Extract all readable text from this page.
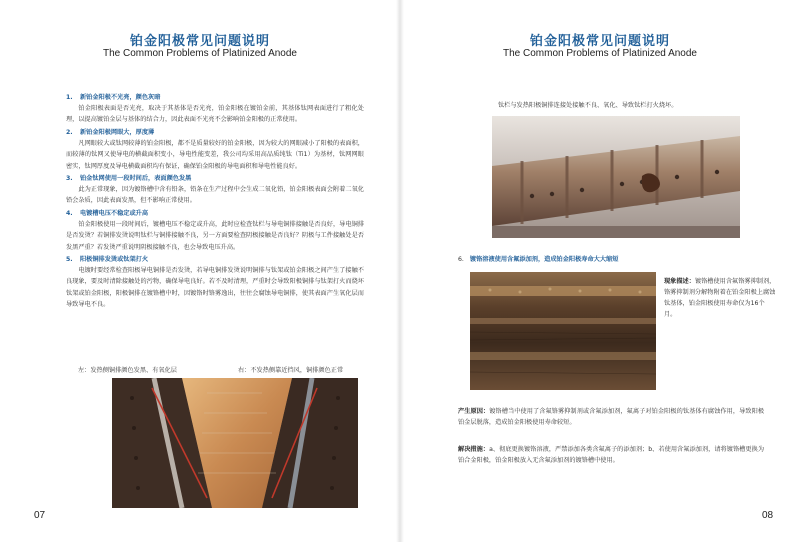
铂金阳极常见问题说明
The Common Problems of Platinized Anode
1. 新铂金阳极不光亮，颜色灰暗
铂金阳极表面是否光亮，取决于其基体是否光亮，铂金阳极在镀铂金前，其基体钛网表面进行了粗化处理，以提高镀铂金层与基体的结合力，因此表面不光亮不会影响铂金阳极的正常使用。
2. 新铂金阳极网眼大，厚度薄
凡网眼较大或钛网较薄的铂金阳极，都不是质量较好的铂金阳极，因为较大的网眼减小了阳极的表面积，而较薄的钛网又使导电的横截面积变小，导电性能变差，我公司均采用高品质纯钛（Ti1）为基材，钛网网眼密实，钛网厚度及导电横截面积均有保证，确保铂金阳极的导电面积和导电性能良好。
3. 铂金钛网使用一段时间后，表面颜色发黑
此为正常现象，因为镀铬槽中含有铅条，铅条在生产过程中会生成二氧化铅，铂金阳极表面会附着二氧化铅会杂质，因此表面发黑，但不影响正常使用。
4. 电镀槽电压不稳定或升高
铂金阳极使用一段时间后，镀槽电压不稳定或升高，此时应检查钛栏与导电铜排接触是否良好，导电铜排是否发烫？若铜排发烫说明钛栏与铜排接触不良，另一方面要检查阴极接触是否良好？阴极与工件接触处是否发黑严重？若发烫严重说明阴极接触不良，也会导致电压升高。
5. 阳极铜排发烫或钛架打火
电镀时要经常检查阳极导电铜排是否发烫，若导电铜排发烫说明铜排与钛架或铂金阳极之间产生了接触不良现象，要及时清除接触处的污物，确保导电良好。若不及时清理，严重时会导致阳极铜排与钛架打火而烧坏钛架或铂金阳极，阳极铜排在镀铬槽中时，因镀铬时铬雾逸出，往往会腐蚀导电铜排，使其表面产生氧化层而导致导电不良。
左：发热侧铜排颜色发黑、有氧化层	右：不发热侧靠近挡风，铜排颜色正常
07
铂金阳极常见问题说明
The Common Problems of Platinized Anode
钛栏与发热阳极铜排连接处接触不良、氧化、导致钛栏打火烧坏。
6. 镀铬溶液使用含氟添加剂，造成铂金阳极寿命大大缩短
现象描述：镀铬槽使用含氟铬雾抑制剂，铬雾抑制剂分解物附着在铂金阳极上腐蚀钛基体，铂金阳极使用寿命仅为16个月。
产生原因：镀铬槽当中使用了含氟铬雾抑制剂或含氟添加剂，氟离子对铂金阳极的钛基体有腐蚀作用，导致阳极铂金层脱落，造成铂金阳极使用寿命较短。
解决措施：a、彻底更换镀铬溶液，严禁添加各类含氟离子的添加剂；b、若使用含氟添加剂，请将镀铬槽更换为铂合金阳极，铂金阳极放入无含氟添加剂的镀铬槽中使用。
08
